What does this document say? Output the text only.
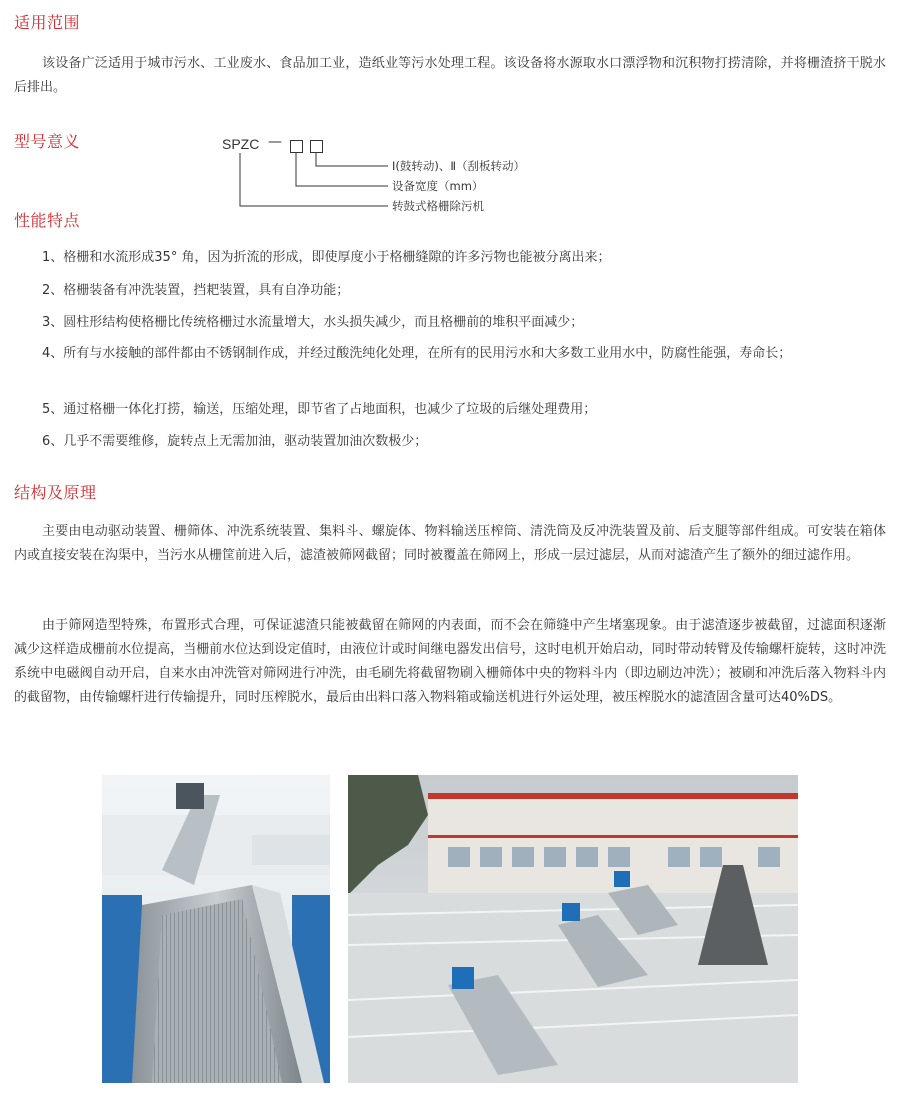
适用范围

该设备广泛适用于城市污水、工业废水、食品加工业，造纸业等污水处理工程。该设备将水源取水口漂浮物和沉积物打捞清除，并将栅渣挤干脱水后排出。

型号意义	SPZC —
Ⅰ(鼓转动)、Ⅱ（刮板转动）
设备宽度（mm）
转鼓式格栅除污机
性能特点

1、格栅和水流形成35° 角，因为折流的形成，即使厚度小于格栅缝隙的许多污物也能被分离出来；

2、格栅装备有冲洗装置，挡耙装置，具有自净功能；

3、圆柱形结构使格栅比传统格栅过水流量增大，水头损失减少，而且格栅前的堆积平面减少；

4、所有与水接触的部件都由不锈钢制作成，并经过酸洗纯化处理，在所有的民用污水和大多数工业用水中，防腐性能强，寿命长；

5、通过格栅一体化打捞，输送，压缩处理，即节省了占地面积，也减少了垃圾的后继处理费用；

6、几乎不需要维修，旋转点上无需加油，驱动装置加油次数极少；

结构及原理

主要由电动驱动装置、栅筛体、冲洗系统装置、集料斗、螺旋体、物料输送压榨筒、清洗筒及反冲洗装置及前、后支腿等部件组成。可安装在箱体内或直接安装在沟渠中，当污水从栅筐前进入后，滤渣被筛网截留；同时被覆盖在筛网上，形成一层过滤层，从而对滤渣产生了额外的细过滤作用。

由于筛网造型特殊，布置形式合理，可保证滤渣只能被截留在筛网的内表面，而不会在筛缝中产生堵塞现象。由于滤渣逐步被截留，过滤面积逐渐减少这样造成栅前水位提高，当栅前水位达到设定值时，由液位计或时间继电器发出信号，这时电机开始启动，同时带动转臂及传输螺杆旋转，这时冲洗系统中电磁阀自动开启，自来水由冲洗管对筛网进行冲洗，由毛刷先将截留物刷入栅筛体中央的物料斗内（即边刷边冲洗）；被刷和冲洗后落入物料斗内的截留物，由传输螺杆进行传输提升，同时压榨脱水，最后由出料口落入物料箱或输送机进行外运处理，被压榨脱水的滤渣固含量可达40%DS。
